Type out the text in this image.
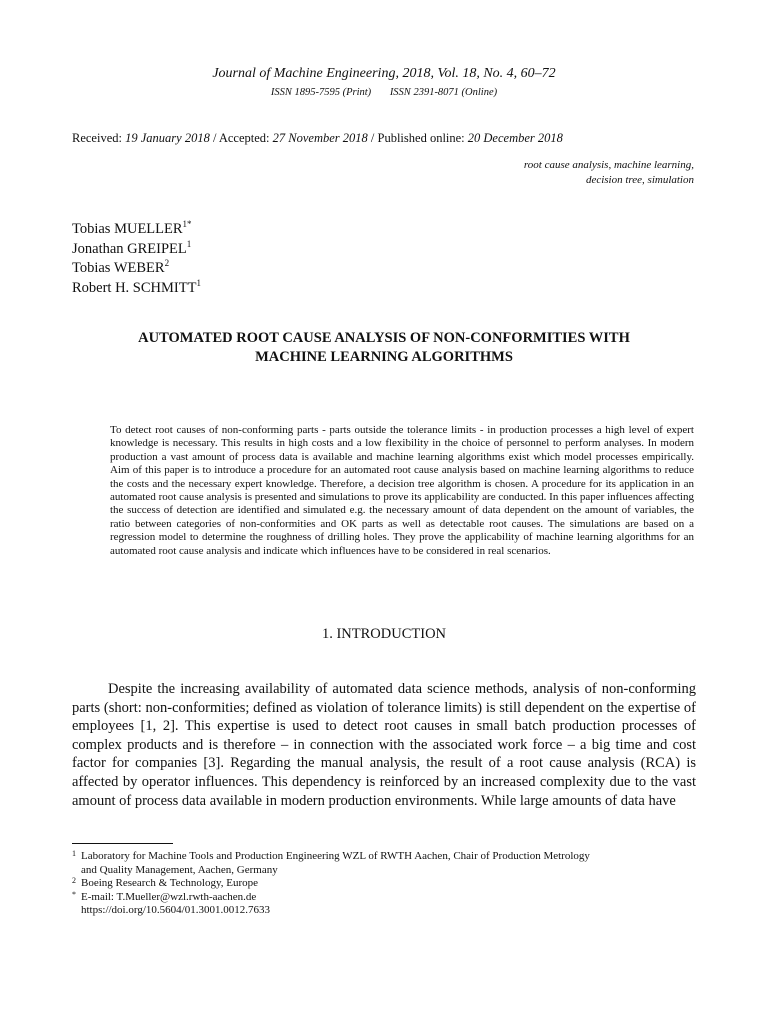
Journal of Machine Engineering, 2018, Vol. 18, No. 4, 60–72
ISSN 1895-7595 (Print) ISSN 2391-8071 (Online)
Received: 19 January 2018 / Accepted: 27 November 2018 / Published online: 20 December 2018
root cause analysis, machine learning,
decision tree, simulation
Tobias $MUELLER^{1*}$
Jonathan GREIPEL$^1$
Tobias WEBER$^2$
Robert H. SCHMITT$^1$
AUTOMATED ROOT CAUSE ANALYSIS OF NON-CONFORMITIES WITH
MACHINE LEARNING ALGORITHMS
To detect root causes of non-conforming parts - parts outside the tolerance limits - in production processes a high level of expert knowledge is necessary. This results in high costs and a low flexibility in the choice of personnel to perform analyses. In modern production a vast amount of process data is available and machine learning algorithms exist which model processes empirically. Aim of this paper is to introduce a procedure for an automated root cause analysis based on machine learning algorithms to reduce the costs and the necessary expert knowledge. Therefore, a decision tree algorithm is chosen. A procedure for its application in an automated root cause analysis is presented and simulations to prove its applicability are conducted. In this paper influences affecting the success of detection are identified and simulated e.g. the necessary amount of data dependent on the amount of variables, the ratio between categories of non-conformities and OK parts as well as detectable root causes. The simulations are based on a regression model to determine the roughness of drilling holes. They prove the applicability of machine learning algorithms for an automated root cause analysis and indicate which influences have to be considered in real scenarios.
1. INTRODUCTION
Despite the increasing availability of automated data science methods, analysis of non-conforming parts (short: non-conformities; defined as violation of tolerance limits) is still dependent on the expertise of employees [1, 2]. This expertise is used to detect root causes in small batch production processes of complex products and is therefore – in connection with the associated work force – a big time and cost factor for companies [3]. Regarding the manual analysis, the result of a root cause analysis (RCA) is affected by operator influences. This dependency is reinforced by an increased complexity due to the vast amount of process data available in modern production environments. While large amounts of data have
1 Laboratory for Machine Tools and Production Engineering WZL of RWTH Aachen, Chair of Production Metrology
and Quality Management, Aachen, Germany
2 Boeing Research & Technology, Europe
* E-mail: T.Mueller@wzl.rwth-aachen.de
https://doi.org/10.5604/01.3001.0012.7633
